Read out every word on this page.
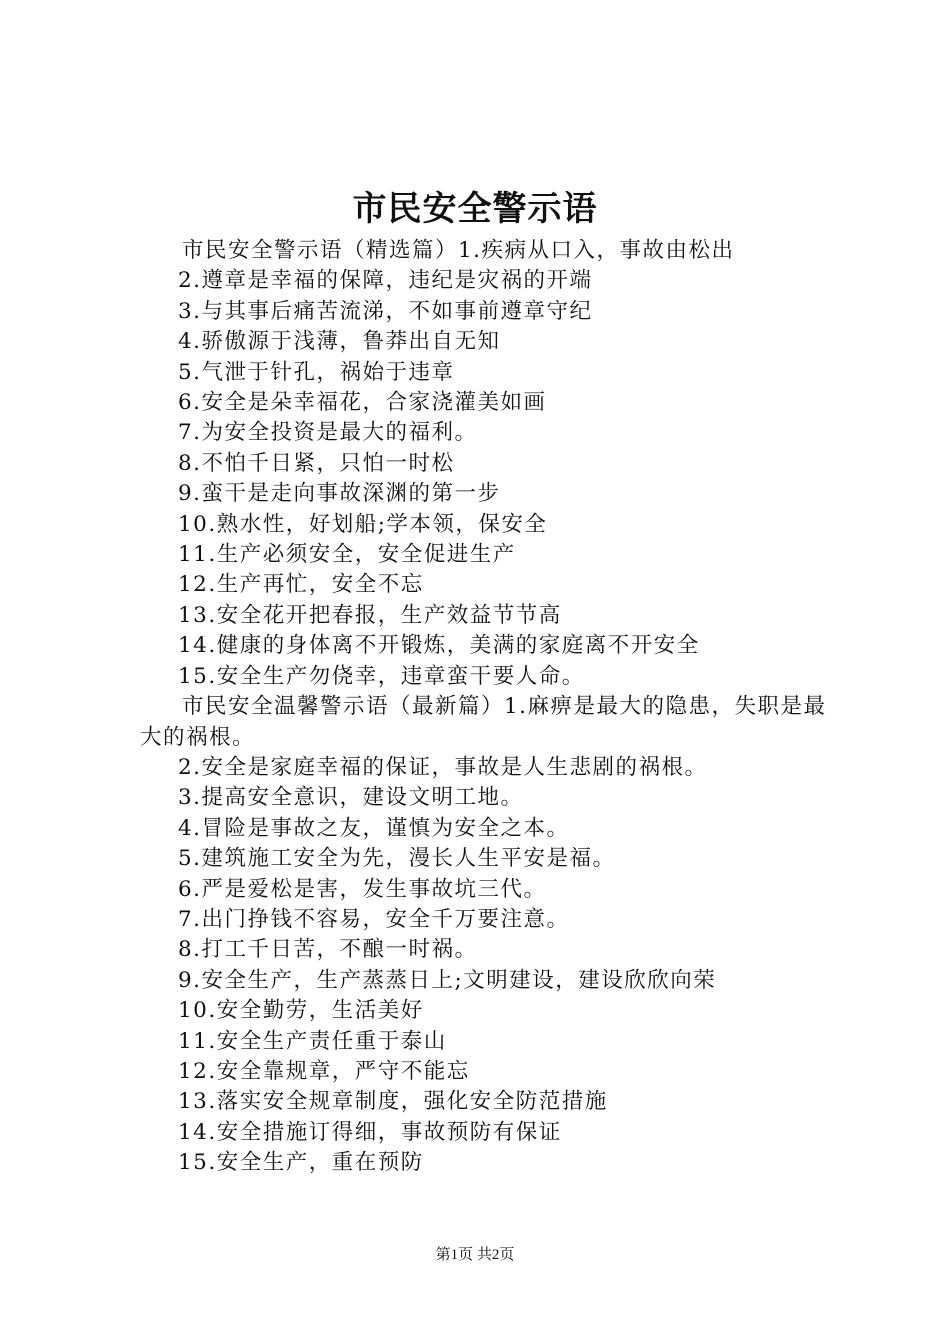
市民安全警示语
市民安全警示语（精选篇）1.疾病从口入，事故由松出
2.遵章是幸福的保障，违纪是灾祸的开端
3.与其事后痛苦流涕，不如事前遵章守纪
4.骄傲源于浅薄，鲁莽出自无知
5.气泄于针孔，祸始于违章
6.安全是朵幸福花，合家浇灌美如画
7.为安全投资是最大的福利。
8.不怕千日紧，只怕一时松
9.蛮干是走向事故深渊的第一步
10.熟水性，好划船;学本领，保安全
11.生产必须安全，安全促进生产
12.生产再忙，安全不忘
13.安全花开把春报，生产效益节节高
14.健康的身体离不开锻炼，美满的家庭离不开安全
15.安全生产勿侥幸，违章蛮干要人命。
市民安全温馨警示语（最新篇）1.麻痹是最大的隐患，失职是最大的祸根。
2.安全是家庭幸福的保证，事故是人生悲剧的祸根。
3.提高安全意识，建设文明工地。
4.冒险是事故之友，谨慎为安全之本。
5.建筑施工安全为先，漫长人生平安是福。
6.严是爱松是害，发生事故坑三代。
7.出门挣钱不容易，安全千万要注意。
8.打工千日苦，不酿一时祸。
9.安全生产，生产蒸蒸日上;文明建设，建设欣欣向荣
10.安全勤劳，生活美好
11.安全生产责任重于泰山
12.安全靠规章，严守不能忘
13.落实安全规章制度，强化安全防范措施
14.安全措施订得细，事故预防有保证
15.安全生产，重在预防
第1页 共2页
